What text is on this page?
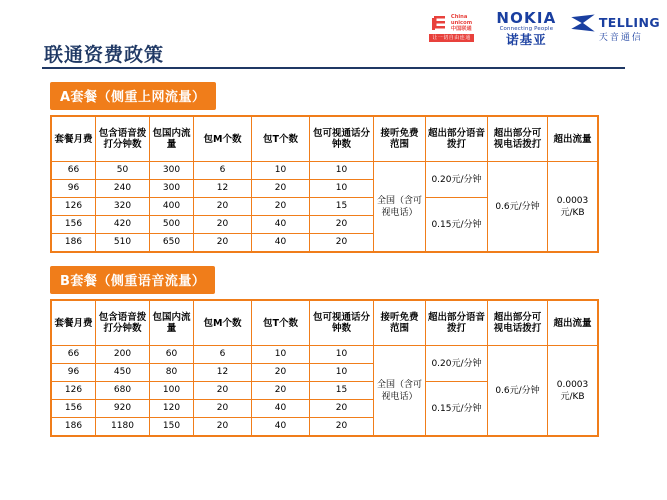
China
unicom
中国联通
让一切自由连通
NOKIA
Connecting People
诺基亚
TELLING
天音通信
联通资费政策
A套餐（侧重上网流量）
套餐月费	包含语音拨打分钟数	包国内流量	包M个数	包T个数	包可视通话分钟数	接听免费范围	超出部分语音拨打	超出部分可视电话拨打	超出流量
66	50	300	6	10	10	全国（含可视电话）	0.20元/分钟	0.6元/分钟	0.0003元/KB
96	240	300	12	20	10				
126	320	400	20	20	15		0.15元/分钟		
156	420	500	20	40	20				
186	510	650	20	40	20				
B套餐（侧重语音流量）
套餐月费	包含语音拨打分钟数	包国内流量	包M个数	包T个数	包可视通话分钟数	接听免费范围	超出部分语音拨打	超出部分可视电话拨打	超出流量
66	200	60	6	10	10	全国（含可视电话）	0.20元/分钟	0.6元/分钟	0.0003元/KB
96	450	80	12	20	10				
126	680	100	20	20	15		0.15元/分钟		
156	920	120	20	40	20				
186	1180	150	20	40	20				
